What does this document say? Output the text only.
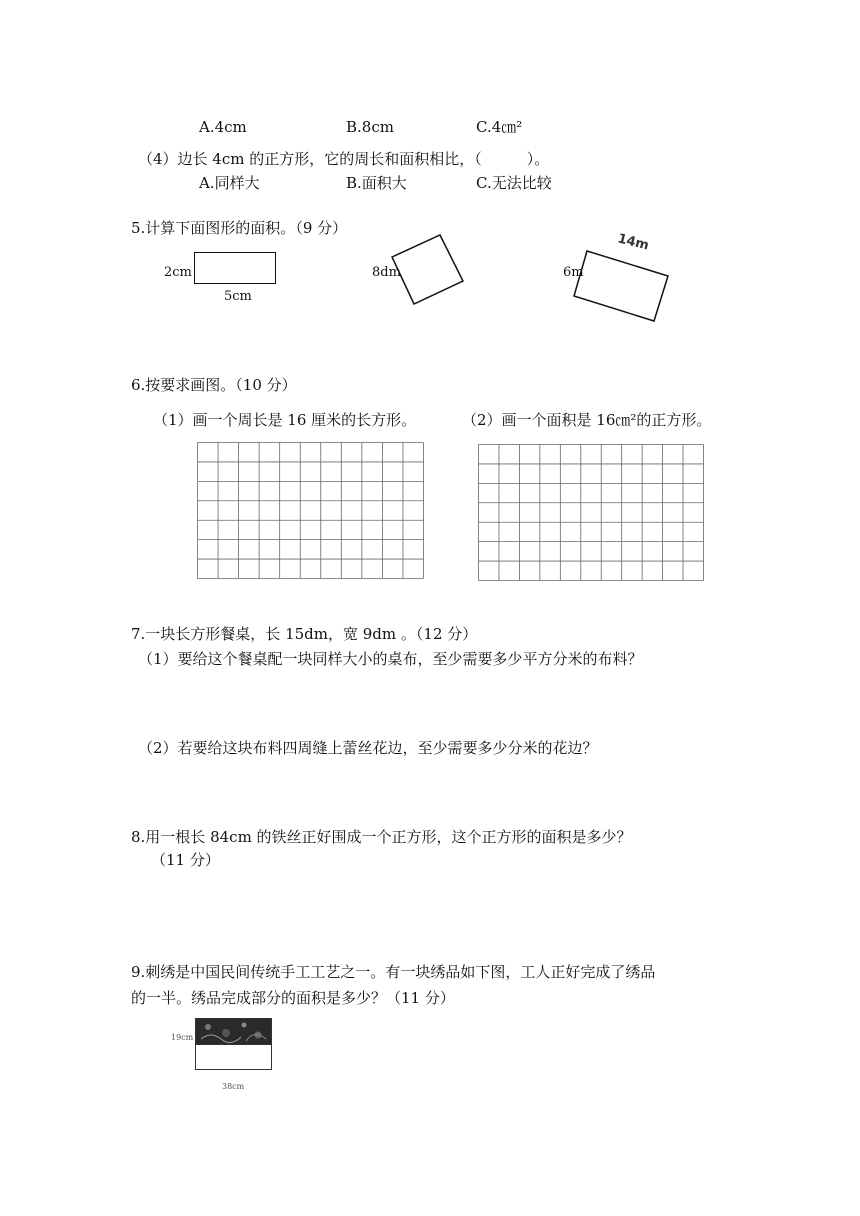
A.4cm	B.8cm	C.4㎝²
（4）边长 4cm 的正方形，它的周长和面积相比，（　　　）。
A.同样大	B.面积大	C.无法比较
5.计算下面图形的面积。（9 分）
2cm
5cm
8dm	6m
14m
6.按要求画图。（10 分）
（1）画一个周长是 16 厘米的长方形。	（2）画一个面积是 16㎝²的正方形。
7.一块长方形餐桌，长 15dm，宽 9dm 。（12 分）
（1）要给这个餐桌配一块同样大小的桌布，至少需要多少平方分米的布料？
（2）若要给这块布料四周缝上蕾丝花边，至少需要多少分米的花边？
8.用一根长 84cm 的铁丝正好围成一个正方形，这个正方形的面积是多少？
（11 分）
9.刺绣是中国民间传统手工工艺之一。有一块绣品如下图，工人正好完成了绣品
的一半。绣品完成部分的面积是多少？（11 分）
19cm
38cm
